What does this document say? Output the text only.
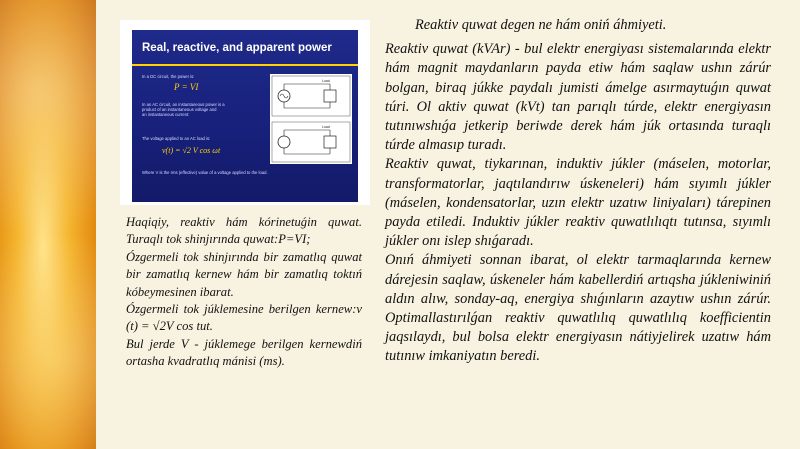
Real, reactive, and apparent power
In a DC circuit, the power is:
P = VI
In an AC circuit, an instantaneous power is a
product of an instantaneous voltage and
an instantaneous current:
The voltage applied to an AC load is:
v(t) = √2 V cos ωt
Where V is the rms (effective) value of a voltage applied to the load.
Load
Load

Haqiqiy, reaktiv hám kórinetuǵin quwat. Turaqlı tok shinjırında quwat:P=VI;

Ózgermeli tok shinjırında bir zamatlıq quwat bir zamatlıq kernew hám bir zamatlıq toktıń kóbeymesinen ibarat.

Ózgermeli tok júklemesine berilgen kernew:v (t) = √2V cos tut.

Bul jerde V - júklemege berilgen kernewdiń ortasha kvadratlıq mánisi (ms).

Reaktiv quwat degen ne hám oniń áhmiyeti.

Reaktiv quwat (kVAr) - bul elektr energiyası sistemalarında elektr hám magnit maydanların payda etiw hám saqlaw ushın zárúr bolgan, biraq júkke paydalı jumisti ámelge asırmaytuǵın quwat túri. Ol aktiv quwat (kVt) tan parıqlı túrde, elektr energiyasın tutınıwshıǵa jetkerip beriwde derek hám júk ortasında turaqlı túrde almasıp turadı.

Reaktiv quwat, tiykarınan, induktiv júkler (máselen, motorlar, transformatorlar, jaqtılandırıw úskeneleri) hám sıyımlı júkler (máselen, kondensatorlar, uzın elektr uzatıw liniyaları) tárepinen payda etiledi. Induktiv júkler reaktiv quwatlılıqtı tutınsa, sıyımlı júkler onı islep shıǵaradı.

Onıń áhmiyeti sonnan ibarat, ol elektr tarmaqlarında kernew dárejesin saqlaw, úskeneler hám kabellerdiń artıqsha júkleniwiniń aldın alıw, sonday-aq, energiya shıǵınların azaytıw ushın zárúr. Optimallastırılǵan reaktiv quwatlılıq quwatlılıq koefficientin jaqsılaydı, bul bolsa elektr energiyasın nátiyjelirek uzatıw hám tutınıw imkaniyatın beredi.
